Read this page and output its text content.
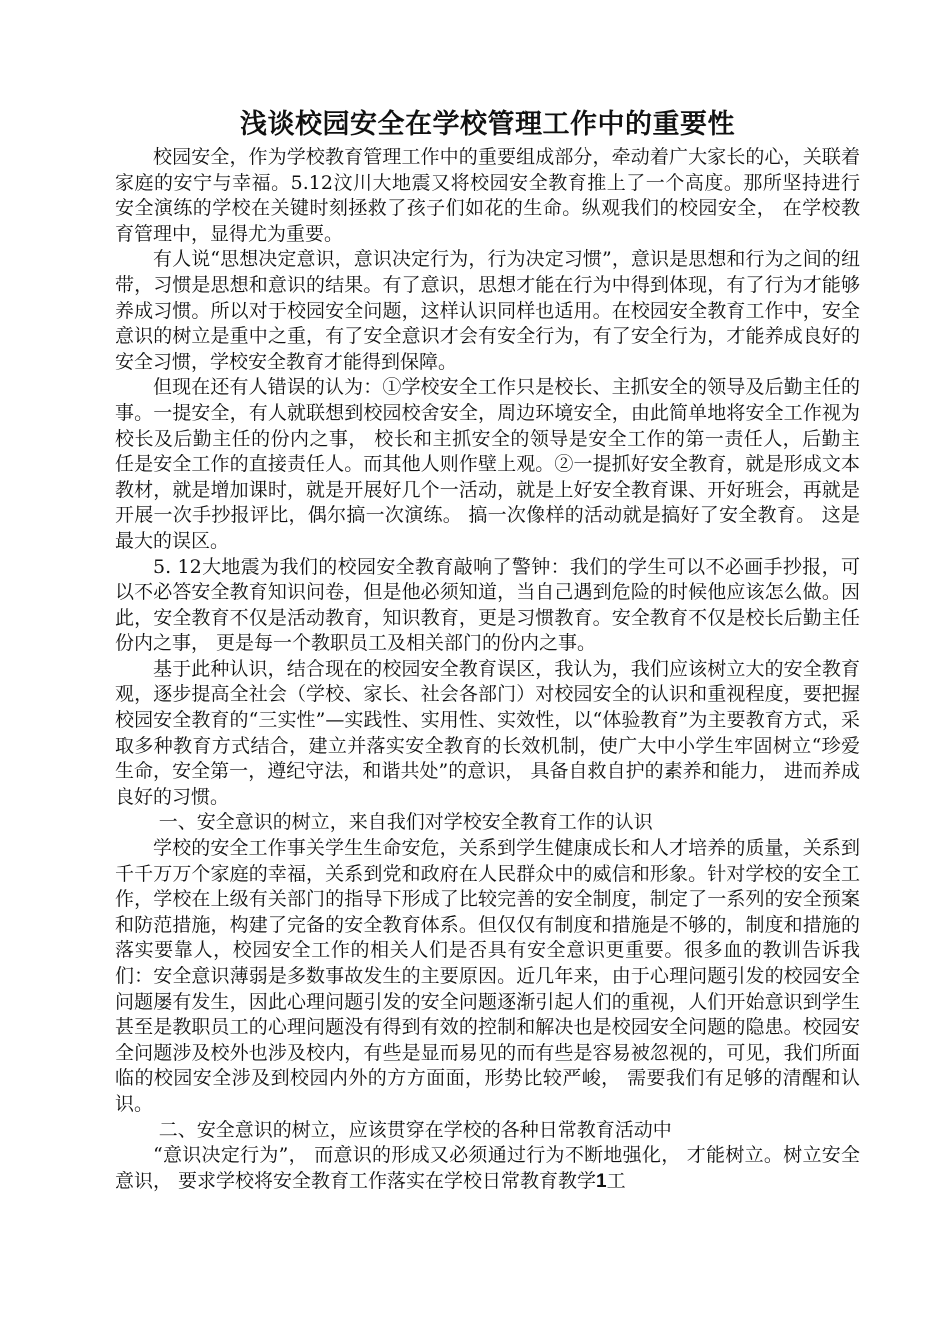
浅谈校园安全在学校管理工作中的重要性

校园安全，作为学校教育管理工作中的重要组成部分，牵动着广大家长的心，关联着家庭的安宁与幸福。5.12汶川大地震又将校园安全教育推上了一个高度。那所坚持进行安全演练的学校在关键时刻拯救了孩子们如花的生命。纵观我们的校园安全， 在学校教育管理中，显得尤为重要。

有人说“思想决定意识，意识决定行为，行为决定习惯”，意识是思想和行为之间的纽带，习惯是思想和意识的结果。有了意识，思想才能在行为中得到体现，有了行为才能够养成习惯。所以对于校园安全问题，这样认识同样也适用。在校园安全教育工作中，安全意识的树立是重中之重，有了安全意识才会有安全行为，有了安全行为，才能养成良好的安全习惯，学校安全教育才能得到保障。

但现在还有人错误的认为：①学校安全工作只是校长、主抓安全的领导及后勤主任的事。一提安全，有人就联想到校园校舍安全，周边环境安全，由此简单地将安全工作视为校长及后勤主任的份内之事， 校长和主抓安全的领导是安全工作的第一责任人，后勤主任是安全工作的直接责任人。而其他人则作壁上观。②一提抓好安全教育，就是形成文本教材，就是增加课时，就是开展好几个一活动，就是上好安全教育课、开好班会，再就是开展一次手抄报评比，偶尔搞一次演练。 搞一次像样的活动就是搞好了安全教育。 这是最大的误区。

5. 12大地震为我们的校园安全教育敲响了警钟：我们的学生可以不必画手抄报，可以不必答安全教育知识问卷，但是他必须知道，当自己遇到危险的时候他应该怎么做。因此，安全教育不仅是活动教育，知识教育，更是习惯教育。安全教育不仅是校长后勤主任份内之事， 更是每一个教职员工及相关部门的份内之事。

基于此种认识，结合现在的校园安全教育误区，我认为，我们应该树立大的安全教育观，逐步提高全社会（学校、家长、社会各部门）对校园安全的认识和重视程度，要把握校园安全教育的“三实性”—实践性、实用性、实效性，以“体验教育”为主要教育方式，采取多种教育方式结合，建立并落实安全教育的长效机制，使广大中小学生牢固树立“珍爱生命，安全第一，遵纪守法，和谐共处”的意识， 具备自救自护的素养和能力， 进而养成良好的习惯。

一、安全意识的树立，来自我们对学校安全教育工作的认识

学校的安全工作事关学生生命安危，关系到学生健康成长和人才培养的质量，关系到千千万万个家庭的幸福，关系到党和政府在人民群众中的威信和形象。针对学校的安全工作，学校在上级有关部门的指导下形成了比较完善的安全制度，制定了一系列的安全预案和防范措施，构建了完备的安全教育体系。但仅仅有制度和措施是不够的，制度和措施的落实要靠人，校园安全工作的相关人们是否具有安全意识更重要。很多血的教训告诉我们：安全意识薄弱是多数事故发生的主要原因。近几年来，由于心理问题引发的校园安全问题屡有发生，因此心理问题引发的安全问题逐渐引起人们的重视，人们开始意识到学生甚至是教职员工的心理问题没有得到有效的控制和解决也是校园安全问题的隐患。校园安全问题涉及校外也涉及校内，有些是显而易见的而有些是容易被忽视的，可见，我们所面临的校园安全涉及到校园内外的方方面面，形势比较严峻， 需要我们有足够的清醒和认识。

二、安全意识的树立，应该贯穿在学校的各种日常教育活动中

“意识决定行为”， 而意识的形成又必须通过行为不断地强化， 才能树立。树立安全意识， 要求学校将安全教育工作落实在学校日常教育教学1工
